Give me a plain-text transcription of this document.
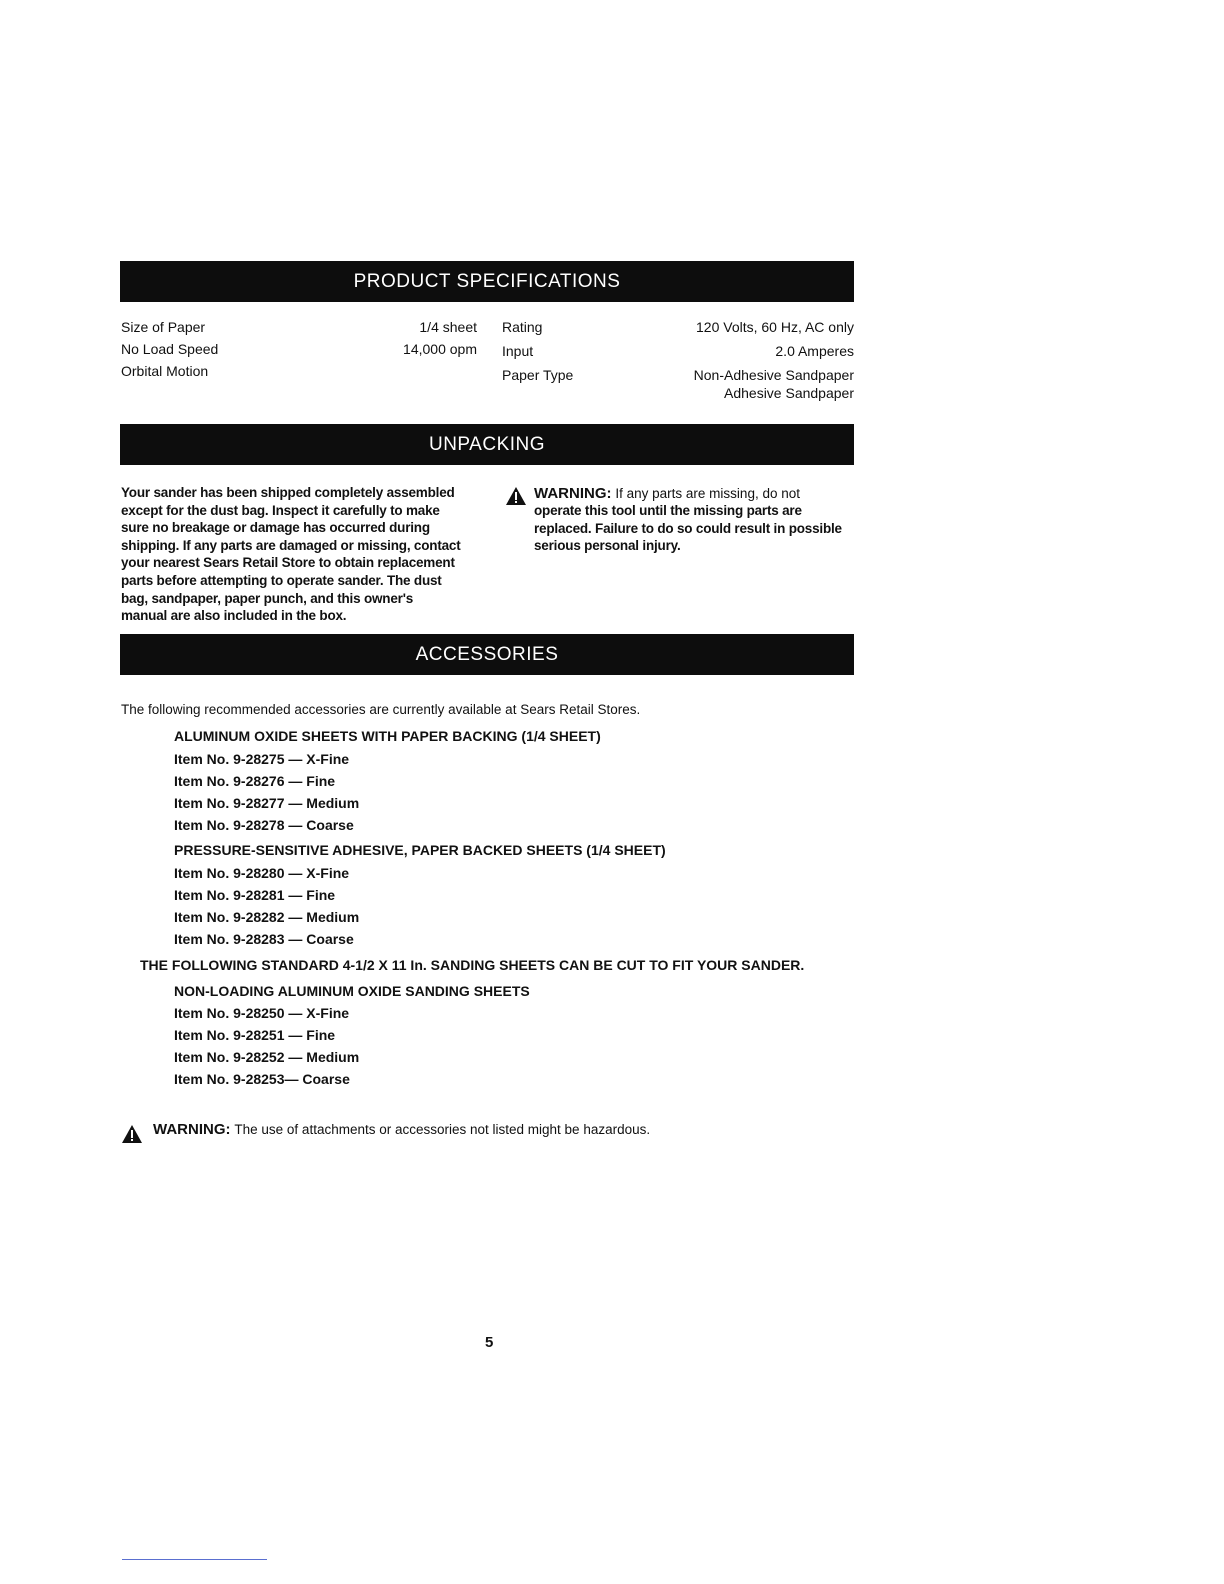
PRODUCT SPECIFICATIONS
Size of Paper	1/4 sheet
No Load Speed	14,000 opm
Orbital Motion
Rating	120 Volts, 60 Hz, AC only
Input	2.0 Amperes
Paper Type	Non-Adhesive Sandpaper
Adhesive Sandpaper
UNPACKING
Your sander has been shipped completely assembled
except for the dust bag. Inspect it carefully to make
sure no breakage or damage has occurred during
shipping. If any parts are damaged or missing, contact
your nearest Sears Retail Store to obtain replacement
parts before attempting to operate sander. The dust
bag, sandpaper, paper punch, and this owner's
manual are also included in the box.
WARNING: If any parts are missing, do not
operate this tool until the missing parts are
replaced. Failure to do so could result in possible
serious personal injury.
ACCESSORIES
The following recommended accessories are currently available at Sears Retail Stores.
ALUMINUM OXIDE SHEETS WITH PAPER BACKING (1/4 SHEET)
Item No. 9-28275 — X-Fine
Item No. 9-28276 — Fine
Item No. 9-28277 — Medium
Item No. 9-28278 — Coarse
PRESSURE-SENSITIVE ADHESIVE, PAPER BACKED SHEETS (1/4 SHEET)
Item No. 9-28280 — X-Fine
Item No. 9-28281 — Fine
Item No. 9-28282 — Medium
Item No. 9-28283 — Coarse
THE FOLLOWING STANDARD 4-1/2 X 11 In. SANDING SHEETS CAN BE CUT TO FIT YOUR SANDER.
NON-LOADING ALUMINUM OXIDE SANDING SHEETS
Item No. 9-28250 — X-Fine
Item No. 9-28251 — Fine
Item No. 9-28252 — Medium
Item No. 9-28253— Coarse
WARNING: The use of attachments or accessories not listed might be hazardous.
5
